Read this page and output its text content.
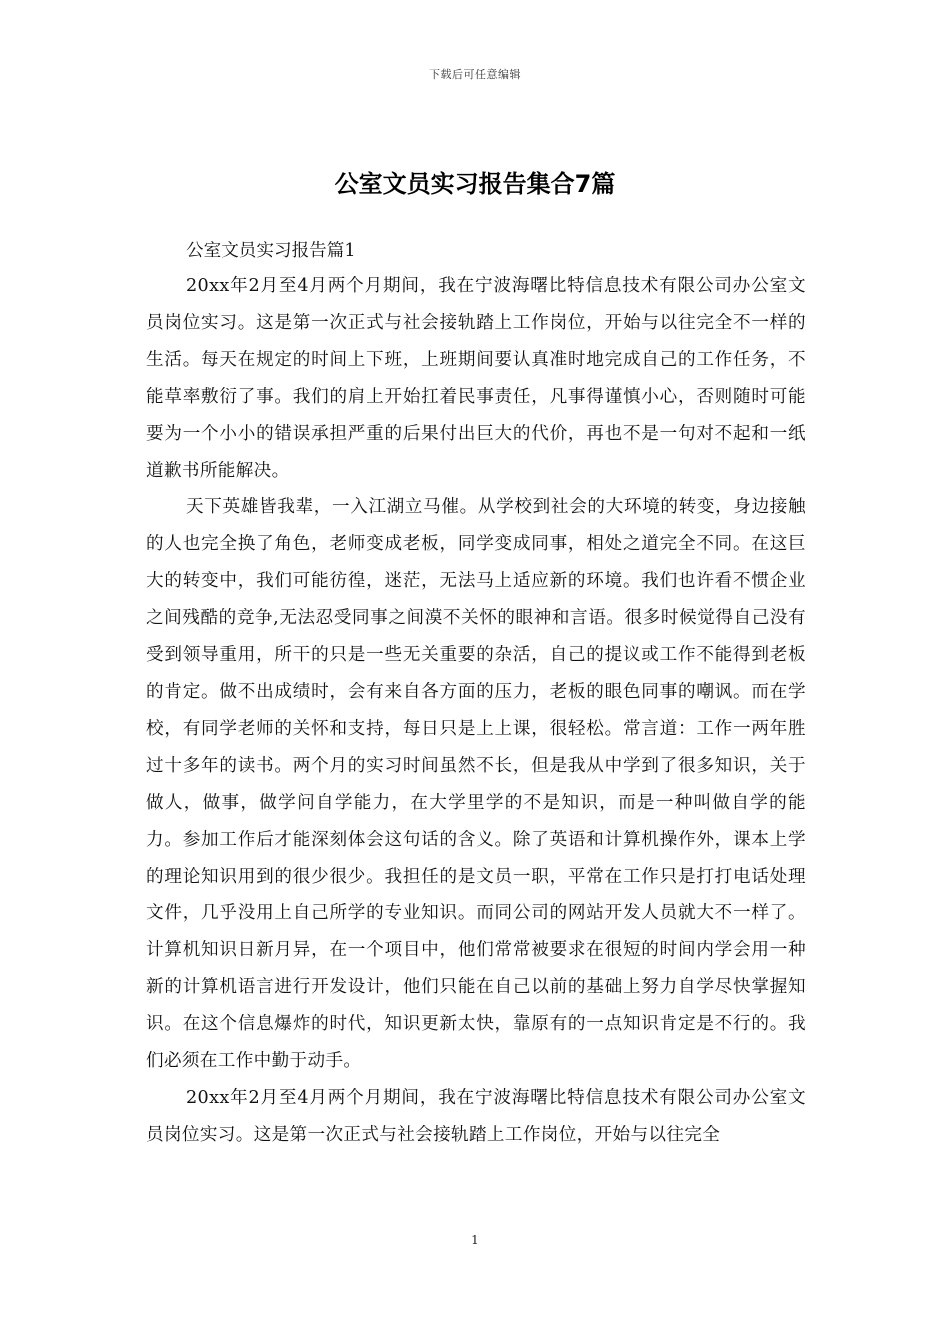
下载后可任意编辑
公室文员实习报告集合7篇

公室文员实习报告篇1

20xx年2月至4月两个月期间，我在宁波海曙比特信息技术有限公司办公室文员岗位实习。这是第一次正式与社会接轨踏上工作岗位，开始与以往完全不一样的生活。每天在规定的时间上下班，上班期间要认真准时地完成自己的工作任务，不能草率敷衍了事。我们的肩上开始扛着民事责任，凡事得谨慎小心，否则随时可能要为一个小小的错误承担严重的后果付出巨大的代价，再也不是一句对不起和一纸道歉书所能解决。

天下英雄皆我辈，一入江湖立马催。从学校到社会的大环境的转变，身边接触的人也完全换了角色，老师变成老板，同学变成同事，相处之道完全不同。在这巨大的转变中，我们可能彷徨，迷茫，无法马上适应新的环境。我们也许看不惯企业之间残酷的竞争,无法忍受同事之间漠不关怀的眼神和言语。很多时候觉得自己没有受到领导重用，所干的只是一些无关重要的杂活，自己的提议或工作不能得到老板的肯定。做不出成绩时，会有来自各方面的压力，老板的眼色同事的嘲讽。而在学校，有同学老师的关怀和支持，每日只是上上课，很轻松。常言道：工作一两年胜过十多年的读书。两个月的实习时间虽然不长，但是我从中学到了很多知识，关于做人，做事，做学问自学能力，在大学里学的不是知识，而是一种叫做自学的能力。参加工作后才能深刻体会这句话的含义。除了英语和计算机操作外，课本上学的理论知识用到的很少很少。我担任的是文员一职，平常在工作只是打打电话处理文件，几乎没用上自己所学的专业知识。而同公司的网站开发人员就大不一样了。计算机知识日新月异，在一个项目中，他们常常被要求在很短的时间内学会用一种新的计算机语言进行开发设计，他们只能在自己以前的基础上努力自学尽快掌握知识。在这个信息爆炸的时代，知识更新太快，靠原有的一点知识肯定是不行的。我们必须在工作中勤于动手。

20xx年2月至4月两个月期间，我在宁波海曙比特信息技术有限公司办公室文员岗位实习。这是第一次正式与社会接轨踏上工作岗位，开始与以往完全

1
